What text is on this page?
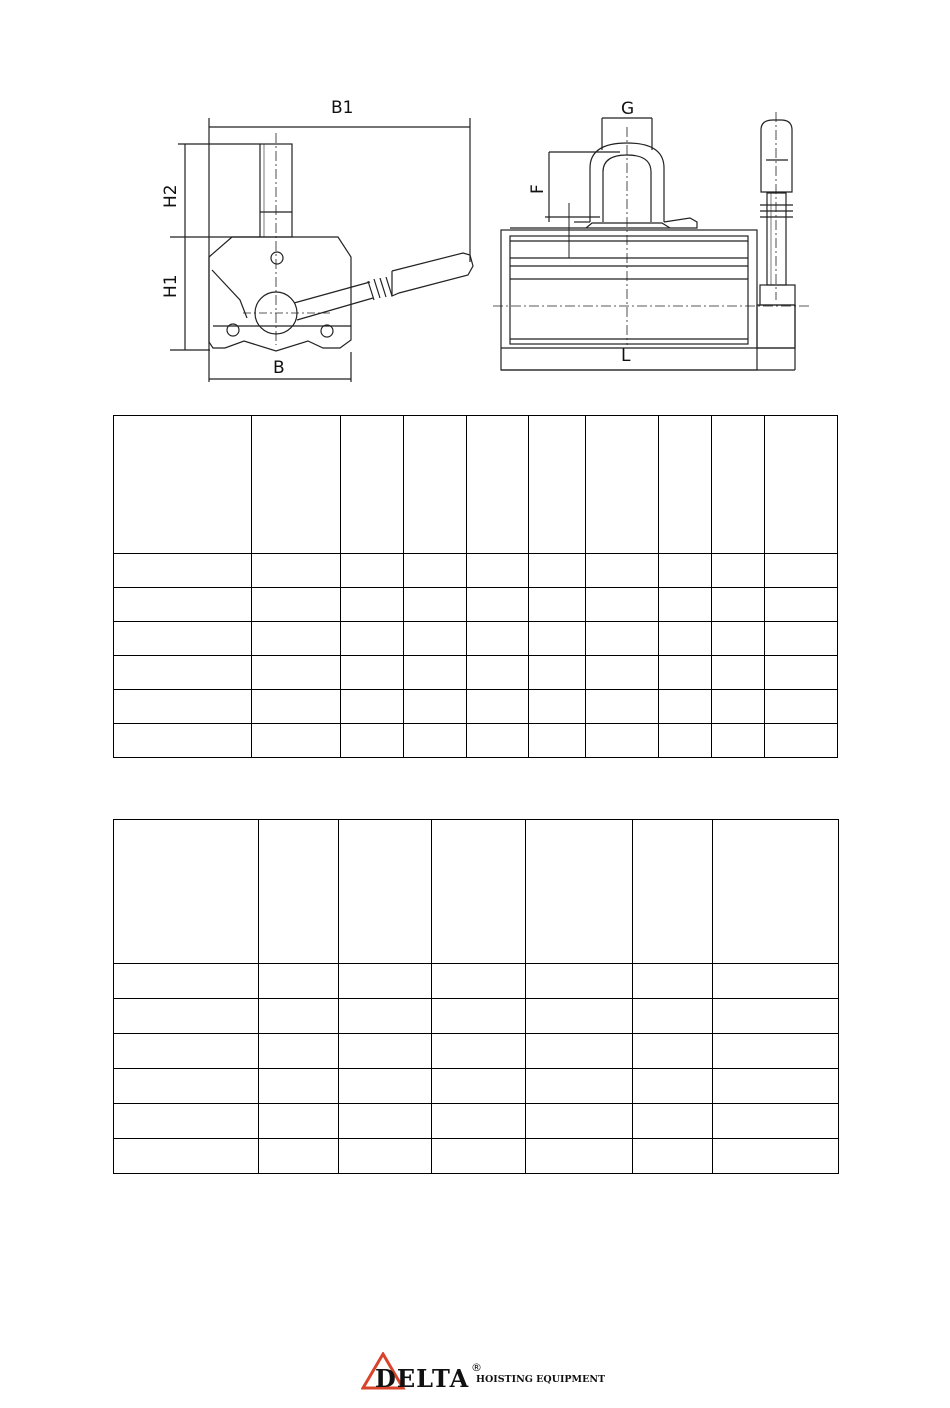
B1
H2
H1
B
G
F
L

DELTA ®
HOISTING EQUIPMENT
